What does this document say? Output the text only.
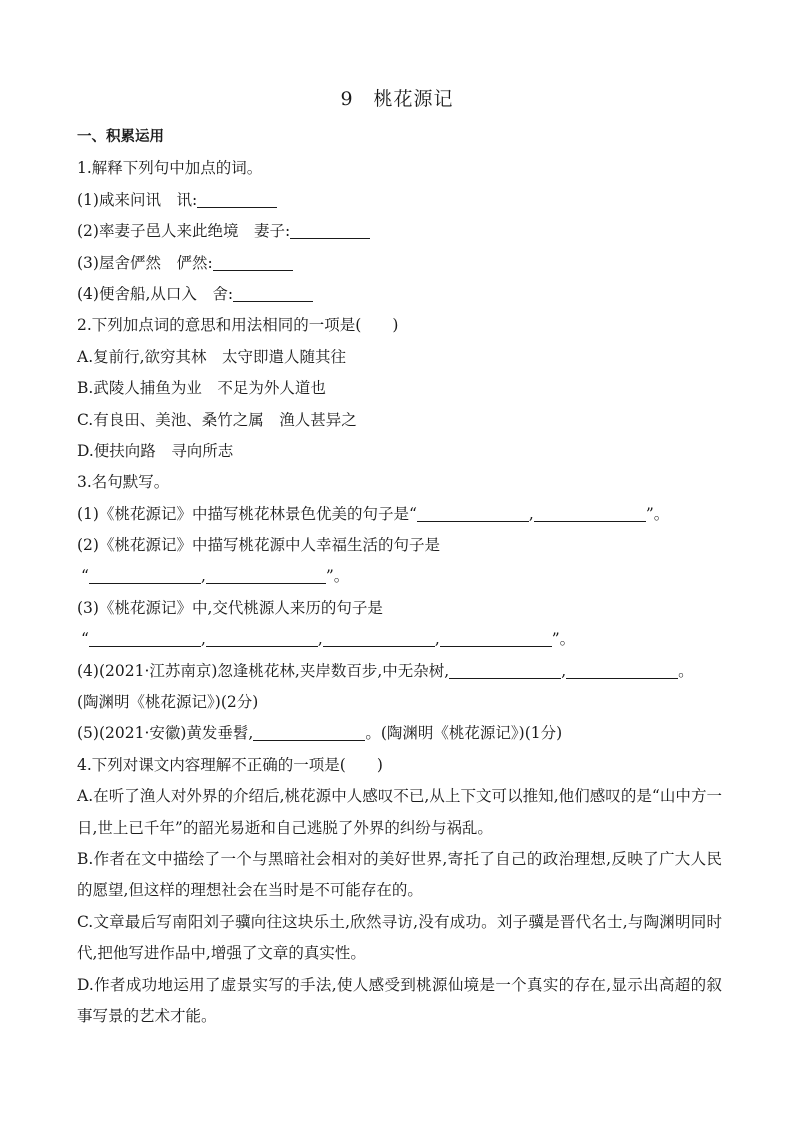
9 桃花源记
一、积累运用
1.解释下列句中加点的词。
(1)咸来问讯　讯:
(2)率妻子邑人来此绝境　妻子:
(3)屋舍俨然　俨然:
(4)便舍船,从口入　舍:
2.下列加点词的意思和用法相同的一项是(　　)
A.复前行,欲穷其林　太守即遣人随其往
B.武陵人捕鱼为业　不足为外人道也
C.有良田、美池、桑竹之属　渔人甚异之
D.便扶向路　寻向所志
3.名句默写。
(1)《桃花源记》中描写桃花林景色优美的句子是“	,	”。
(2)《桃花源记》中描写桃花源中人幸福生活的句子是
“	,	”。
(3)《桃花源记》中,交代桃源人来历的句子是
“	,	,	,	”。
(4)(2021·江苏南京)忽逢桃花林,夹岸数百步,中无杂树,	,	。
(陶渊明《桃花源记》)(2分)
(5)(2021·安徽)黄发垂髫,	。(陶渊明《桃花源记》)(1分)
4.下列对课文内容理解不正确的一项是(　　)
A.在听了渔人对外界的介绍后,桃花源中人感叹不已,从上下文可以推知,他们感叹的是“山中方一日,世上已千年”的韶光易逝和自己逃脱了外界的纠纷与祸乱。
B.作者在文中描绘了一个与黑暗社会相对的美好世界,寄托了自己的政治理想,反映了广大人民的愿望,但这样的理想社会在当时是不可能存在的。
C.文章最后写南阳刘子骥向往这块乐土,欣然寻访,没有成功。刘子骥是晋代名士,与陶渊明同时代,把他写进作品中,增强了文章的真实性。
D.作者成功地运用了虚景实写的手法,使人感受到桃源仙境是一个真实的存在,显示出高超的叙事写景的艺术才能。
